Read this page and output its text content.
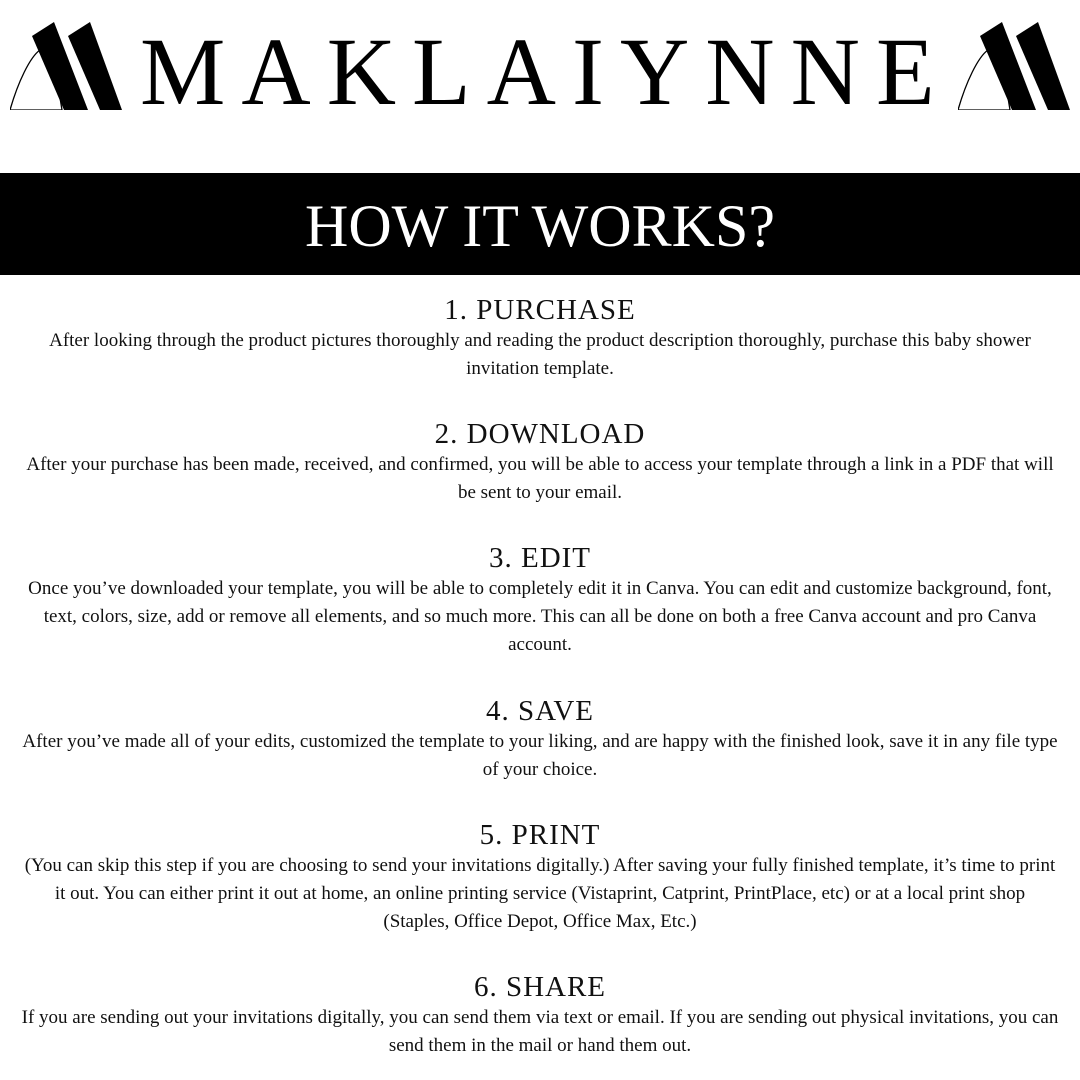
MAKLAIYNNE
HOW IT WORKS?
1. PURCHASE
After looking through the product pictures thoroughly and reading the product description thoroughly, purchase this baby shower invitation template.
2. DOWNLOAD
After your purchase has been made, received, and confirmed, you will be able to access your template through a link in a PDF that will be sent to your email.
3. EDIT
Once you’ve downloaded your template, you will be able to completely edit it in Canva. You can edit and customize background, font, text, colors, size, add or remove all elements, and so much more. This can all be done on both a free Canva account and pro Canva account.
4. SAVE
After you’ve made all of your edits, customized the template to your liking, and are happy with the finished look, save it in any file type of your choice.
5. PRINT
(You can skip this step if you are choosing to send your invitations digitally.) After saving your fully finished template, it’s time to print it out. You can either print it out at home, an online printing service (Vistaprint, Catprint, PrintPlace, etc) or at a local print shop (Staples, Office Depot, Office Max, Etc.)
6. SHARE
If you are sending out your invitations digitally, you can send them via text or email. If you are sending out physical invitations, you can send them in the mail or hand them out.
